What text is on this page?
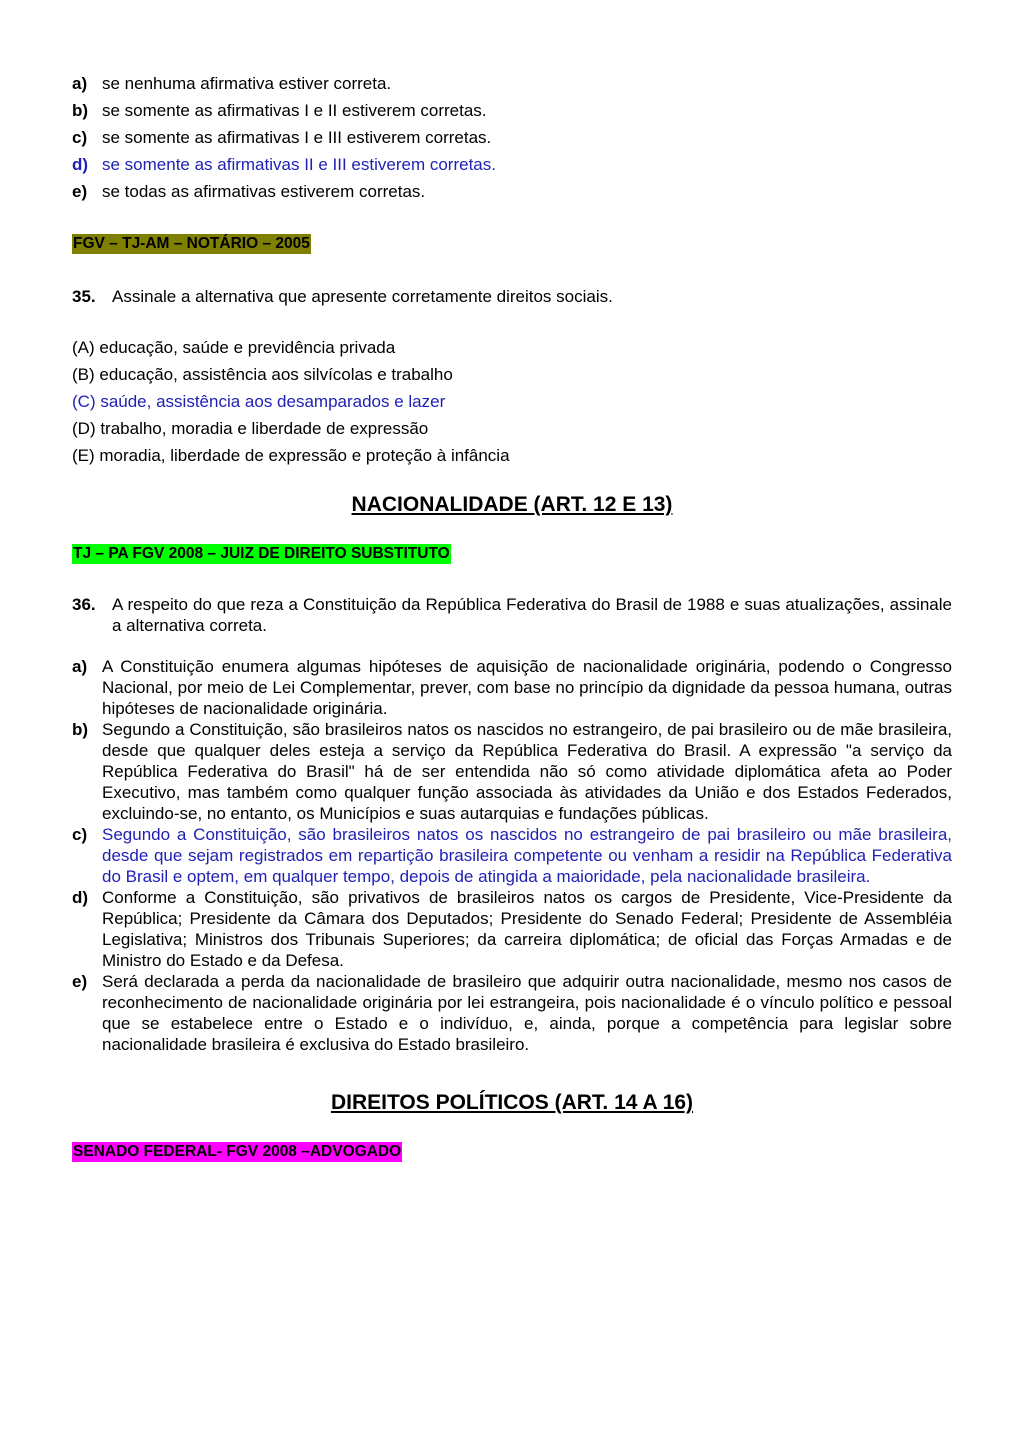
a) se nenhuma afirmativa estiver correta.
b) se somente as afirmativas I e II estiverem corretas.
c) se somente as afirmativas I e III estiverem corretas.
d) se somente as afirmativas II e III estiverem corretas.
e) se todas as afirmativas estiverem corretas.
FGV – TJ-AM – NOTÁRIO – 2005
35. Assinale a alternativa que apresente corretamente direitos sociais.
(A) educação, saúde e previdência privada
(B) educação, assistência aos silvícolas e trabalho
(C) saúde, assistência aos desamparados e lazer
(D) trabalho, moradia e liberdade de expressão
(E) moradia, liberdade de expressão e proteção à infância
NACIONALIDADE (ART. 12 E 13)
TJ – PA FGV 2008 – JUIZ DE DIREITO SUBSTITUTO
36. A respeito do que reza a Constituição da República Federativa do Brasil de 1988 e suas atualizações, assinale a alternativa correta.
a) A Constituição enumera algumas hipóteses de aquisição de nacionalidade originária, podendo o Congresso Nacional, por meio de Lei Complementar, prever, com base no princípio da dignidade da pessoa humana, outras hipóteses de nacionalidade originária.
b) Segundo a Constituição, são brasileiros natos os nascidos no estrangeiro, de pai brasileiro ou de mãe brasileira, desde que qualquer deles esteja a serviço da República Federativa do Brasil. A expressão "a serviço da República Federativa do Brasil" há de ser entendida não só como atividade diplomática afeta ao Poder Executivo, mas também como qualquer função associada às atividades da União e dos Estados Federados, excluindo-se, no entanto, os Municípios e suas autarquias e fundações públicas.
c) Segundo a Constituição, são brasileiros natos os nascidos no estrangeiro de pai brasileiro ou mãe brasileira, desde que sejam registrados em repartição brasileira competente ou venham a residir na República Federativa do Brasil e optem, em qualquer tempo, depois de atingida a maioridade, pela nacionalidade brasileira.
d) Conforme a Constituição, são privativos de brasileiros natos os cargos de Presidente, Vice-Presidente da República; Presidente da Câmara dos Deputados; Presidente do Senado Federal; Presidente de Assembléia Legislativa; Ministros dos Tribunais Superiores; da carreira diplomática; de oficial das Forças Armadas e de Ministro do Estado e da Defesa.
e) Será declarada a perda da nacionalidade de brasileiro que adquirir outra nacionalidade, mesmo nos casos de reconhecimento de nacionalidade originária por lei estrangeira, pois nacionalidade é o vínculo político e pessoal que se estabelece entre o Estado e o indivíduo, e, ainda, porque a competência para legislar sobre nacionalidade brasileira é exclusiva do Estado brasileiro.
DIREITOS POLÍTICOS (ART. 14 A 16)
SENADO FEDERAL- FGV 2008 –ADVOGADO
